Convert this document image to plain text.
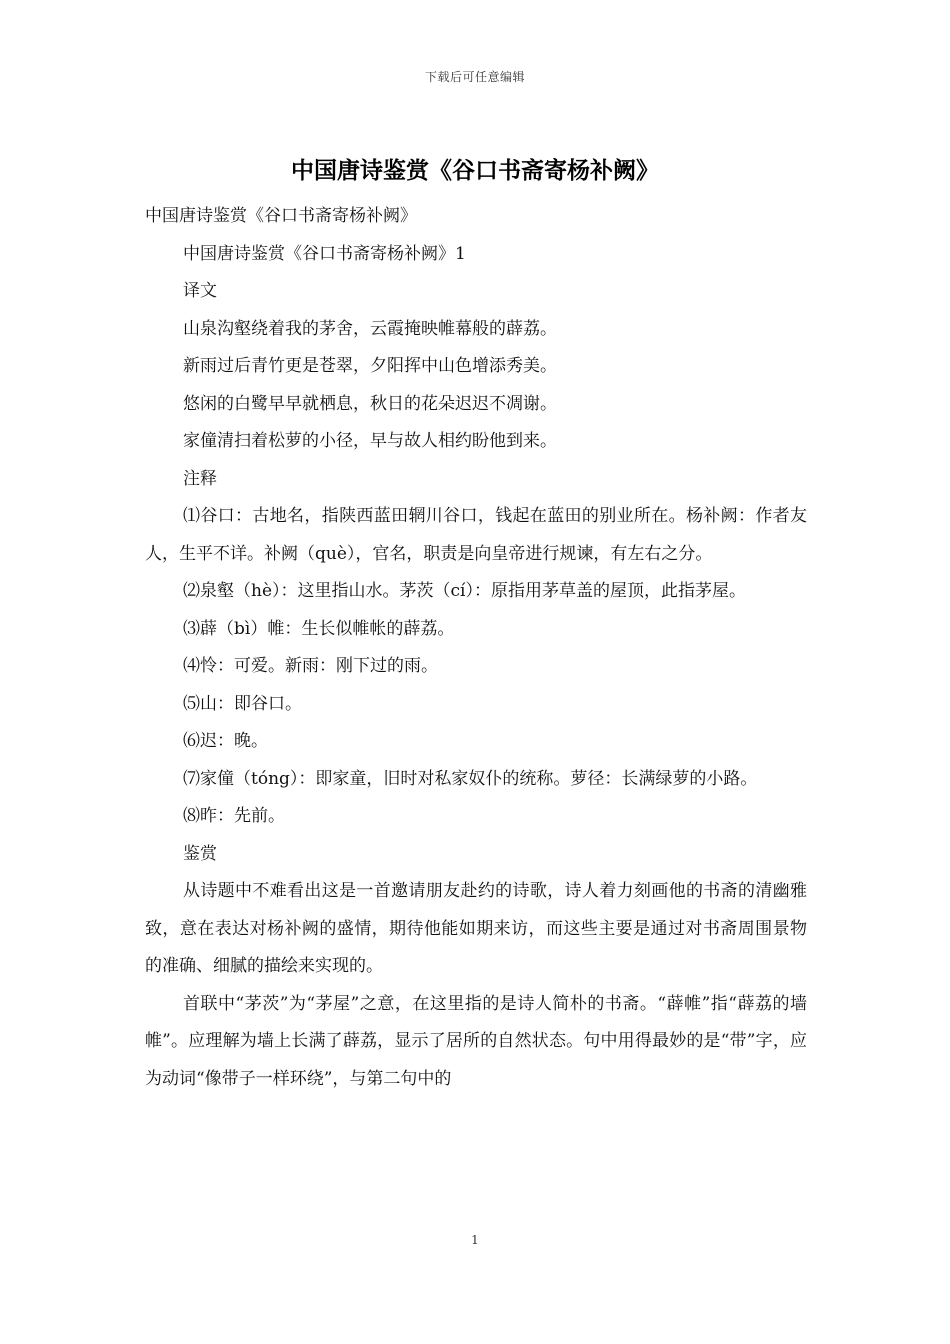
下载后可任意编辑
中国唐诗鉴赏《谷口书斋寄杨补阙》

中国唐诗鉴赏《谷口书斋寄杨补阙》

中国唐诗鉴赏《谷口书斋寄杨补阙》1

译文

山泉沟壑绕着我的茅舍，云霞掩映帷幕般的薜荔。

新雨过后青竹更是苍翠，夕阳挥中山色增添秀美。

悠闲的白鹭早早就栖息，秋日的花朵迟迟不凋谢。

家僮清扫着松萝的小径，早与故人相约盼他到来。

注释

⑴谷口：古地名，指陕西蓝田辋川谷口，钱起在蓝田的别业所在。杨补阙：作者友人，生平不详。补阙（què），官名，职责是向皇帝进行规谏，有左右之分。

⑵泉壑（hè）：这里指山水。茅茨（cí）：原指用茅草盖的屋顶，此指茅屋。

⑶薜（bì）帷：生长似帷帐的薜荔。

⑷怜：可爱。新雨：刚下过的雨。

⑸山：即谷口。

⑹迟：晚。

⑺家僮（tóng）：即家童，旧时对私家奴仆的统称。萝径：长满绿萝的小路。

⑻昨：先前。

鉴赏

从诗题中不难看出这是一首邀请朋友赴约的诗歌，诗人着力刻画他的书斋的清幽雅致，意在表达对杨补阙的盛情，期待他能如期来访，而这些主要是通过对书斋周围景物的准确、细腻的描绘来实现的。

首联中“茅茨”为“茅屋”之意，在这里指的是诗人简朴的书斋。“薜帷”指“薜荔的墙帷”。应理解为墙上长满了薜荔，显示了居所的自然状态。句中用得最妙的是“带”字，应为动词“像带子一样环绕”，与第二句中的

1
